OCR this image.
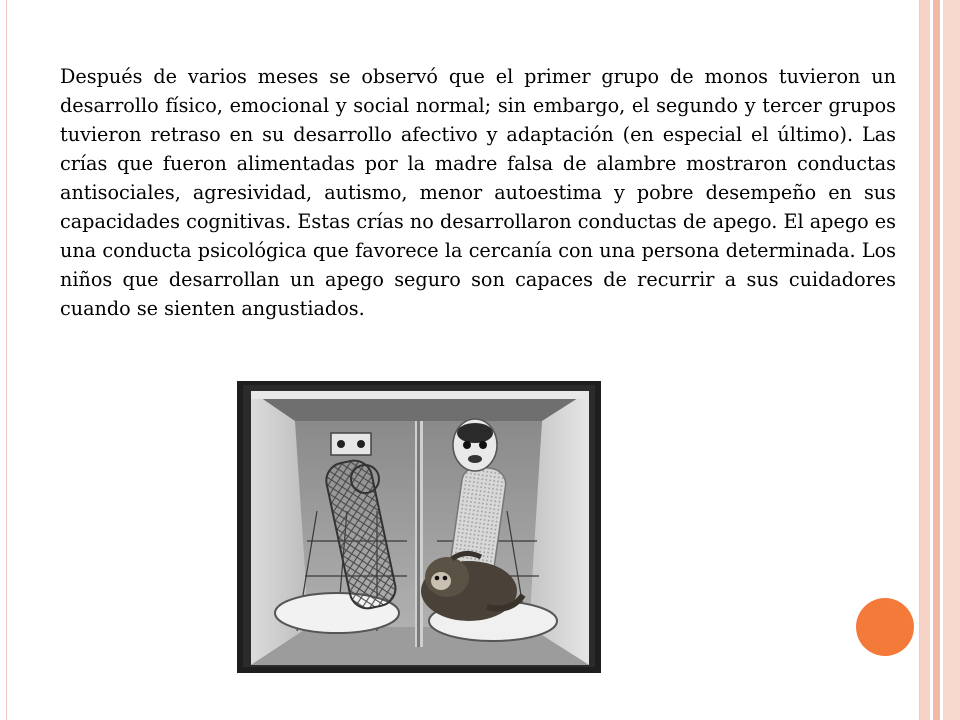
Después de varios meses se observó que el primer grupo de monos tuvieron un desarrollo físico, emocional y social normal; sin embargo, el segundo y tercer grupos tuvieron retraso en su desarrollo afectivo y adaptación (en especial el último). Las crías que fueron alimentadas por la madre falsa de alambre mostraron conductas antisociales, agresividad, autismo, menor autoestima y pobre desempeño en sus capacidades cognitivas. Estas crías no desarrollaron conductas de apego. El apego es una conducta psicológica que favorece la cercanía con una persona determinada. Los niños que desarrollan un apego seguro son capaces de recurrir a sus cuidadores cuando se sienten angustiados.
